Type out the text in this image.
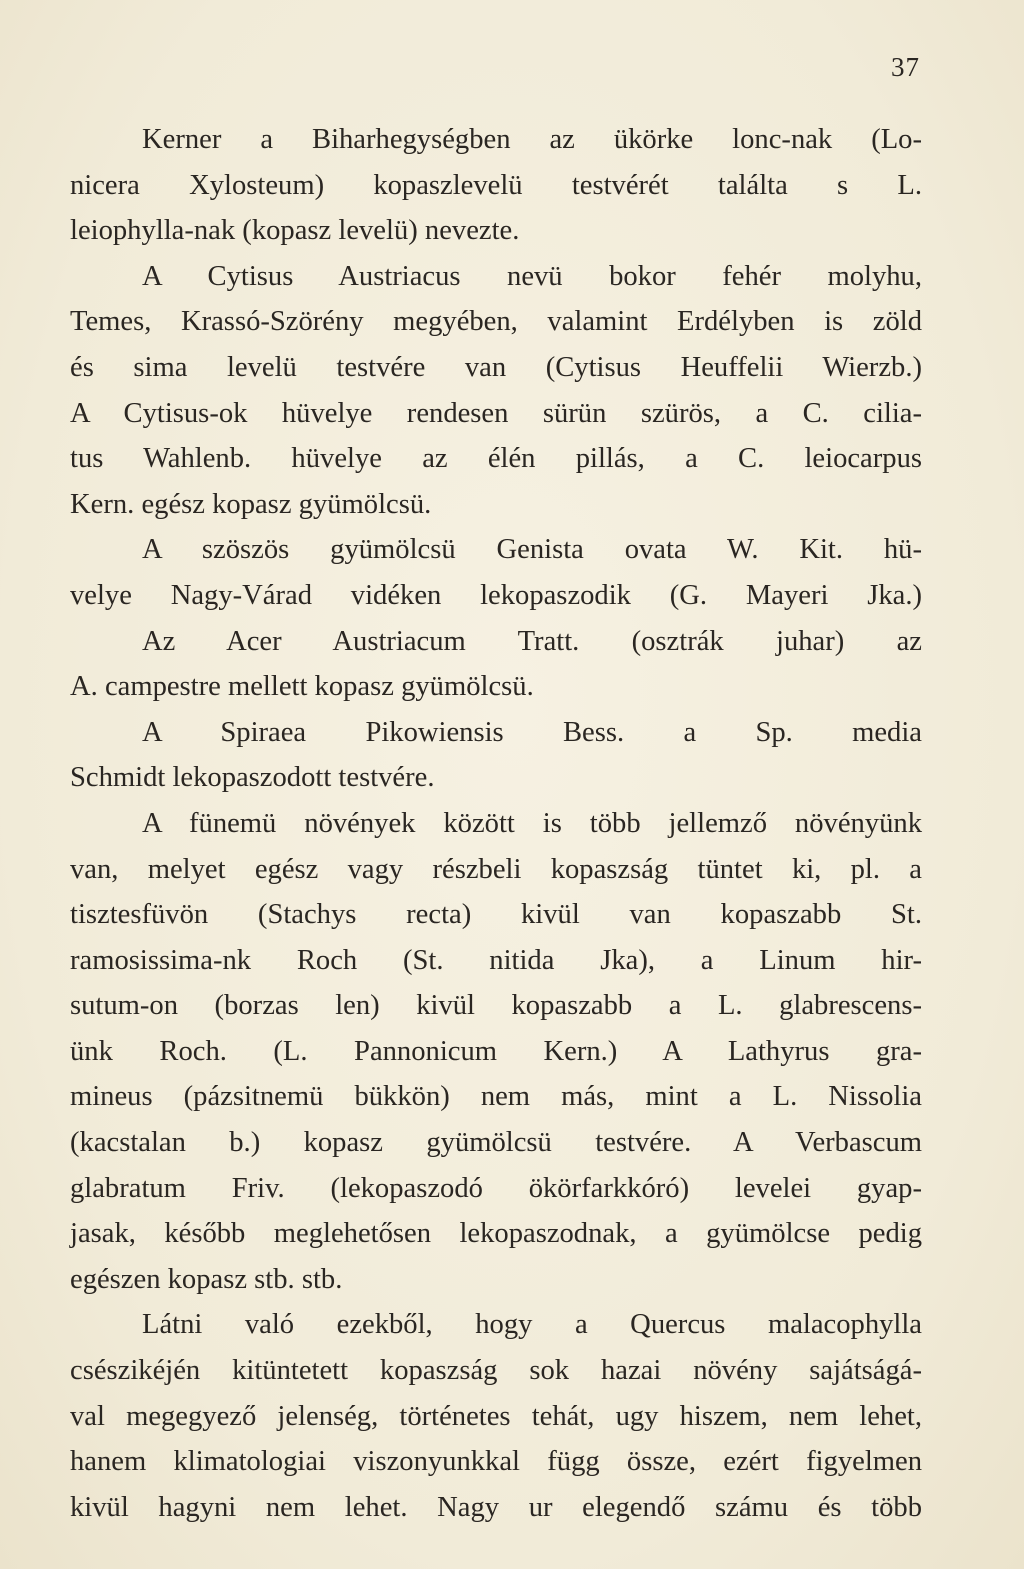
37
Kerner a Biharhegységben az ükörke lonc-nak (Lo-
nicera Xylosteum) kopaszlevelü testvérét találta s L.
leiophylla-nak (kopasz levelü) nevezte.
A Cytisus Austriacus nevü bokor fehér molyhu,
Temes, Krassó-Szörény megyében, valamint Erdélyben is zöld
és sima levelü testvére van (Cytisus Heuffelii Wierzb.)
A Cytisus-ok hüvelye rendesen sürün szürös, a C. cilia-
tus Wahlenb. hüvelye az élén pillás, a C. leiocarpus
Kern. egész kopasz gyümölcsü.
A szöszös gyümölcsü Genista ovata W. Kit. hü-
velye Nagy-Várad vidéken lekopaszodik (G. Mayeri Jka.)
Az Acer Austriacum Tratt. (osztrák juhar) az
A. campestre mellett kopasz gyümölcsü.
A Spiraea Pikowiensis Bess. a Sp. media
Schmidt lekopaszodott testvére.
A fünemü növények között is több jellemző növényünk
van, melyet egész vagy részbeli kopaszság tüntet ki, pl. a
tisztesfüvön (Stachys recta) kivül van kopaszabb St.
ramosissima-nk Roch (St. nitida Jka), a Linum hir-
sutum-on (borzas len) kivül kopaszabb a L. glabrescens-
ünk Roch. (L. Pannonicum Kern.) A Lathyrus gra-
mineus (pázsitnemü bükkön) nem más, mint a L. Nissolia
(kacstalan b.) kopasz gyümölcsü testvére. A Verbascum
glabratum Friv. (lekopaszodó ökörfarkkóró) levelei gyap-
jasak, később meglehetősen lekopaszodnak, a gyümölcse pedig
egészen kopasz stb. stb.
Látni való ezekből, hogy a Quercus malacophylla
csészikéjén kitüntetett kopaszság sok hazai növény sajátságá-
val megegyező jelenség, történetes tehát, ugy hiszem, nem lehet,
hanem klimatologiai viszonyunkkal függ össze, ezért figyelmen
kivül hagyni nem lehet. Nagy ur elegendő számu és több
